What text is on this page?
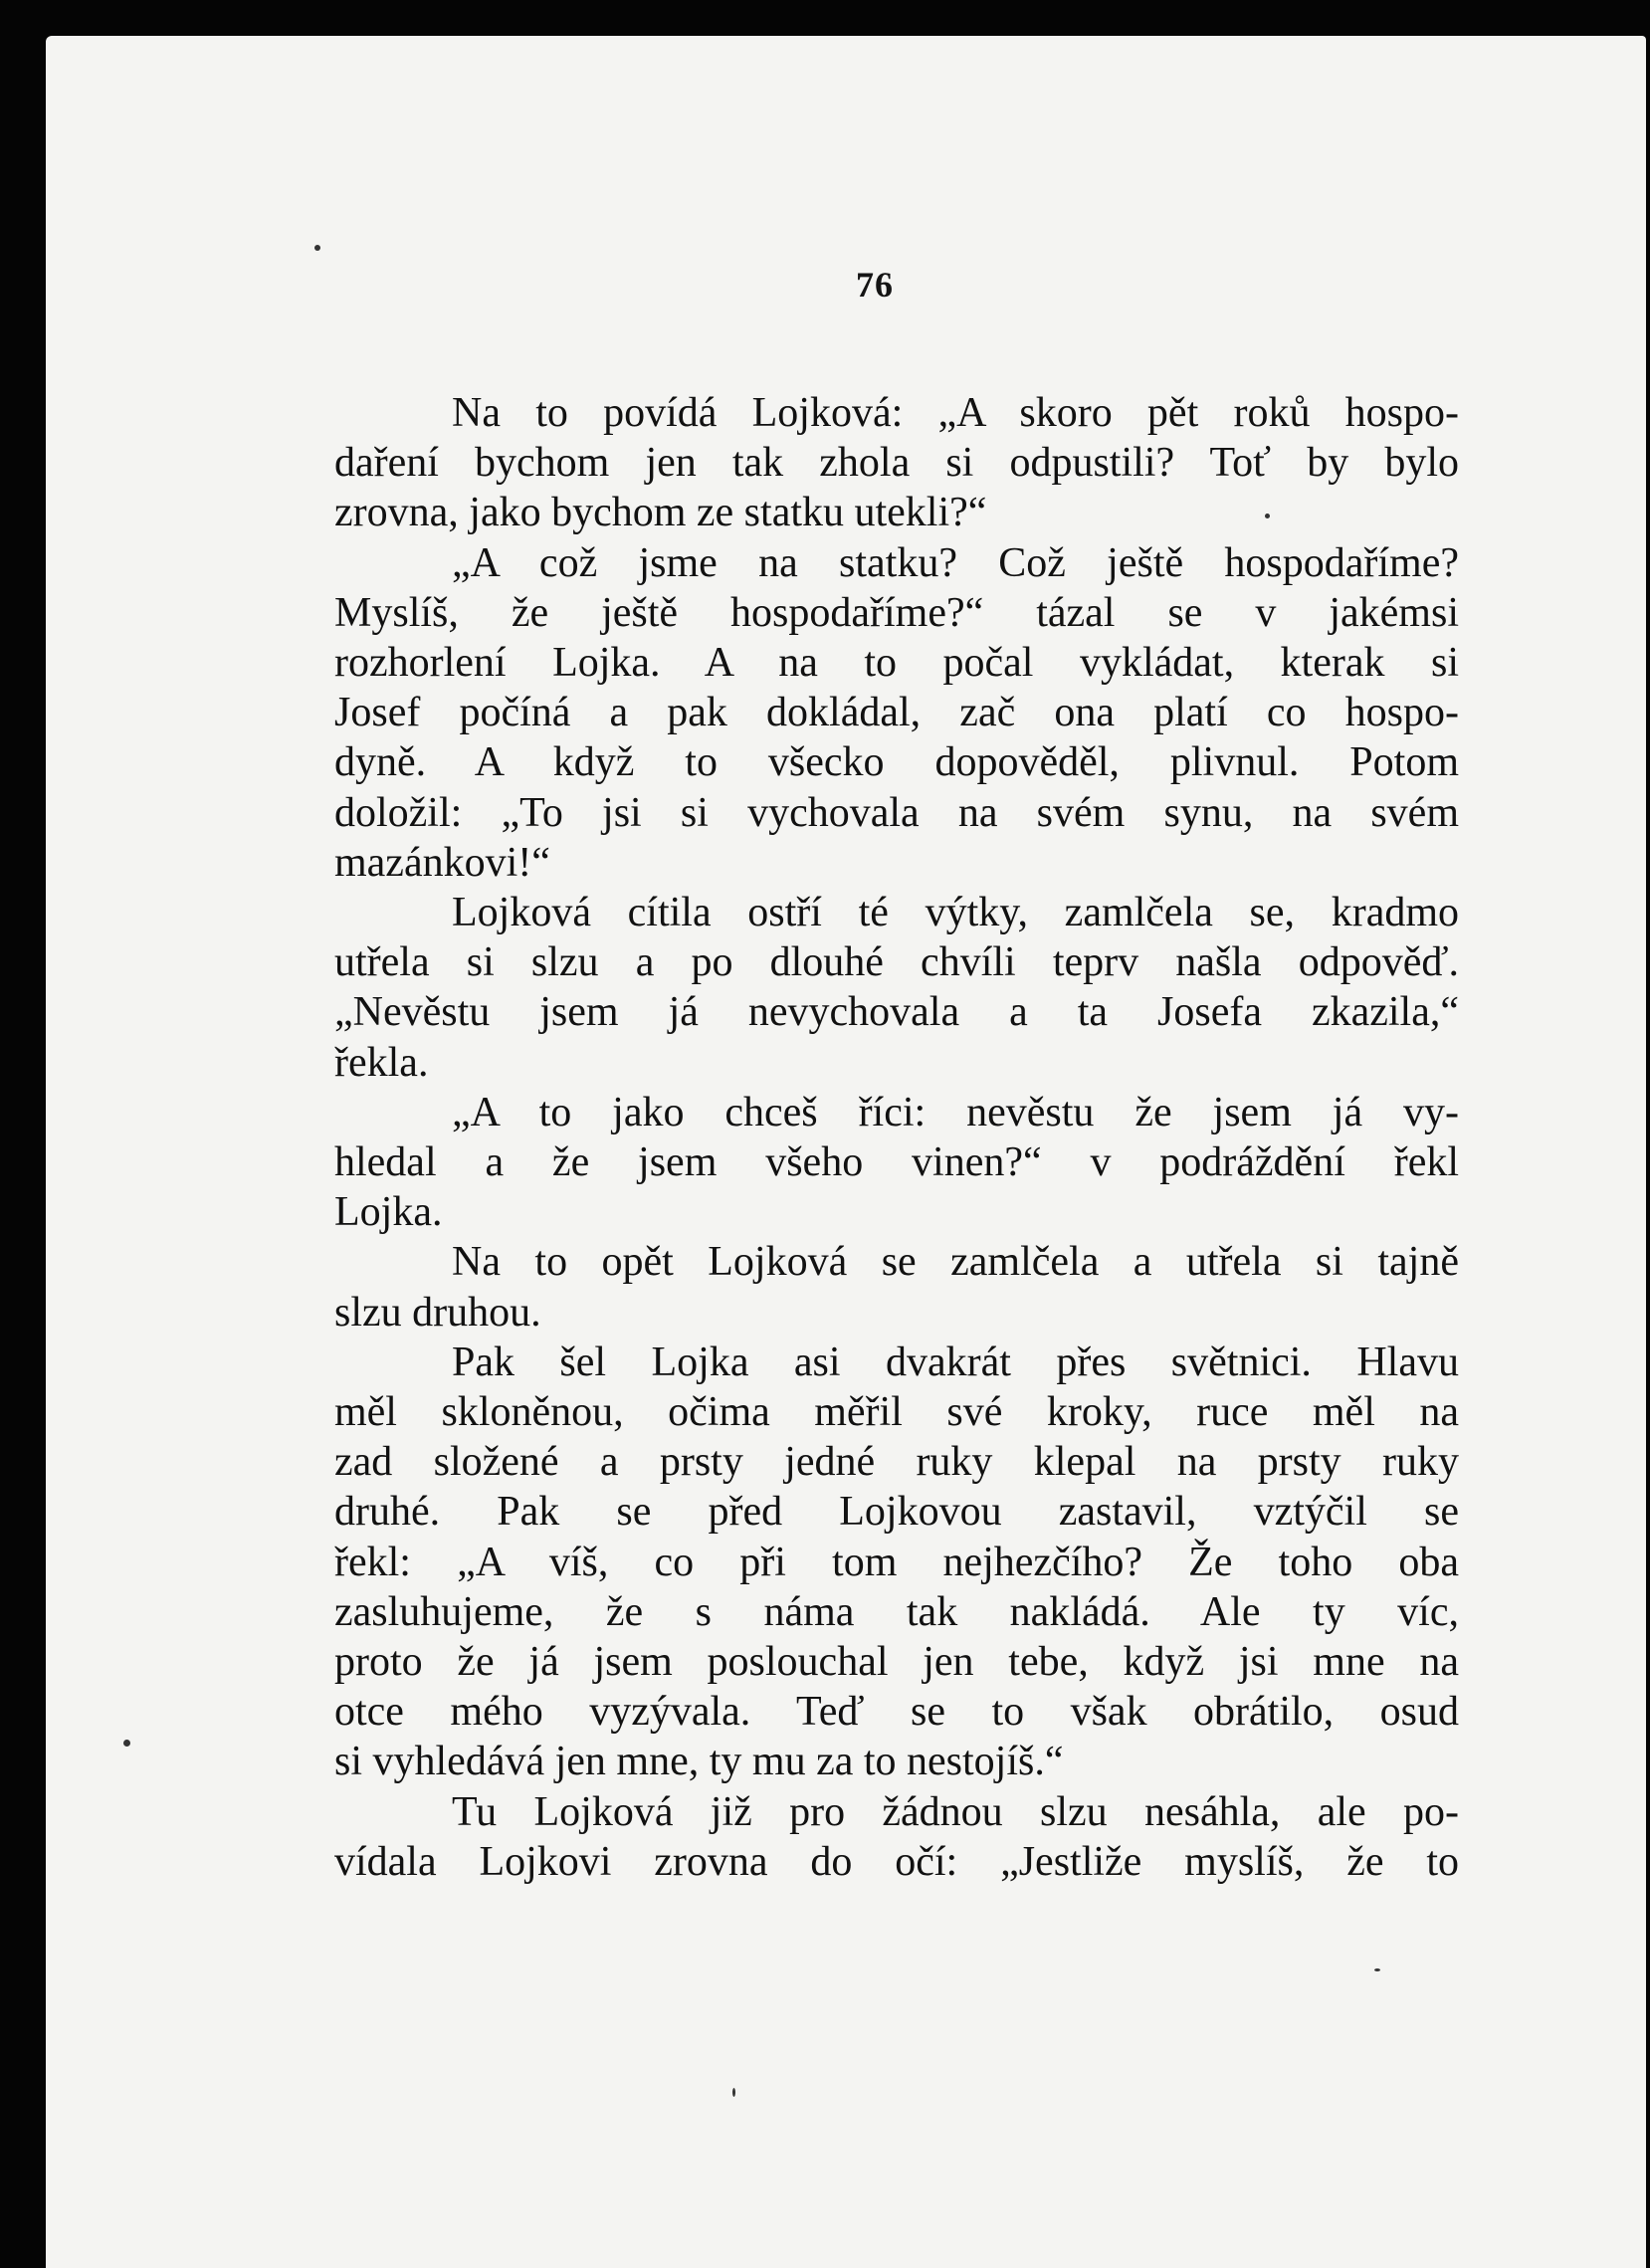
76

Na to povídá Lojková: „A skoro pět roků hospo-

daření bychom jen tak zhola si odpustili? Toť by bylo

zrovna, jako bychom ze statku utekli?“

„A což jsme na statku? Což ještě hospodaříme?

Myslíš, že ještě hospodaříme?“ tázal se v jakémsi

rozhorlení Lojka. A na to počal vykládat, kterak si

Josef počíná a pak dokládal, zač ona platí co hospo-

dyně. A když to všecko dopověděl, plivnul. Potom

doložil: „To jsi si vychovala na svém synu, na svém

mazánkovi!“

Lojková cítila ostří té výtky, zamlčela se, kradmo

utřela si slzu a po dlouhé chvíli teprv našla odpověď.

„Nevěstu jsem já nevychovala a ta Josefa zkazila,“

řekla.

„A to jako chceš říci: nevěstu že jsem já vy-

hledal a že jsem všeho vinen?“ v podráždění řekl

Lojka.

Na to opět Lojková se zamlčela a utřela si tajně

slzu druhou.

Pak šel Lojka asi dvakrát přes světnici. Hlavu

měl skloněnou, očima měřil své kroky, ruce měl na

zad složené a prsty jedné ruky klepal na prsty ruky

druhé. Pak se před Lojkovou zastavil, vztýčil se

řekl: „A víš, co při tom nejhezčího? Že toho oba

zasluhujeme, že s náma tak nakládá. Ale ty víc,

proto že já jsem poslouchal jen tebe, když jsi mne na

otce mého vyzývala. Teď se to však obrátilo, osud

si vyhledává jen mne, ty mu za to nestojíš.“

Tu Lojková již pro žádnou slzu nesáhla, ale po-

vídala Lojkovi zrovna do očí: „Jestliže myslíš, že to
